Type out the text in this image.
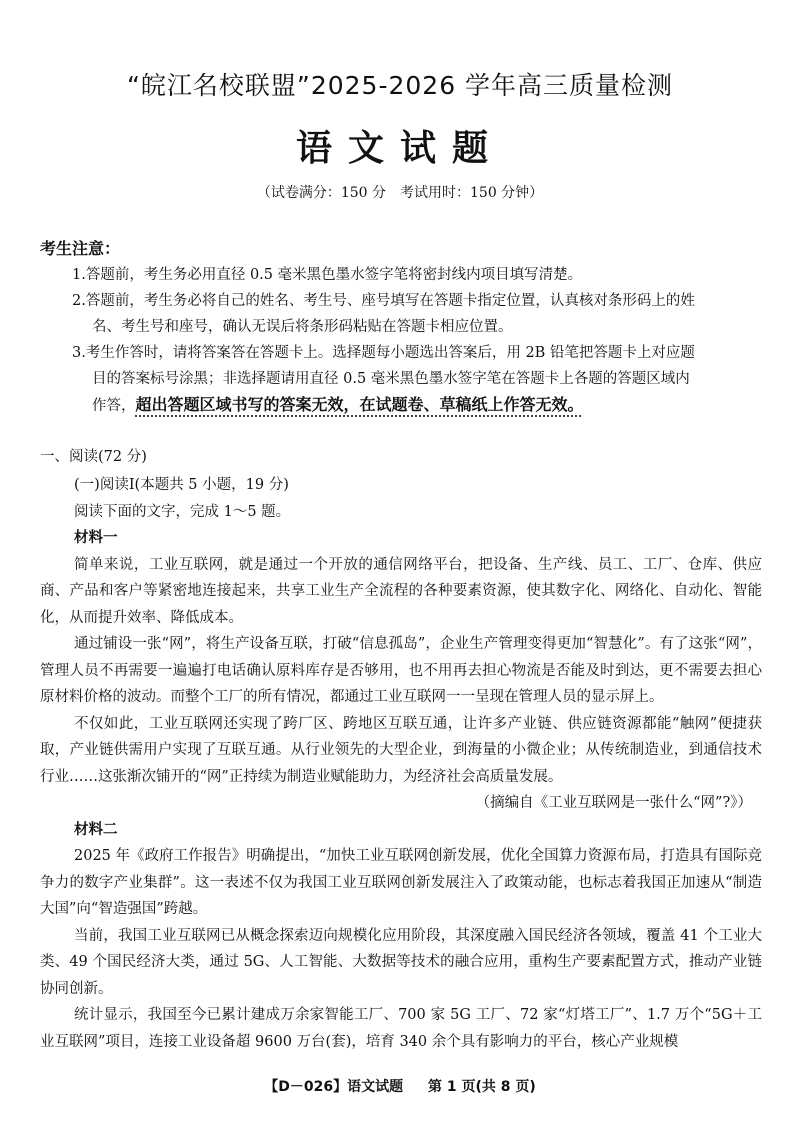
“皖江名校联盟”2025-2026 学年高三质量检测
语文试题
（试卷满分：150 分　考试用时：150 分钟）
考生注意：
1.答题前，考生务必用直径 0.5 毫米黑色墨水签字笔将密封线内项目填写清楚。
2.答题前，考生务必将自己的姓名、考生号、座号填写在答题卡指定位置，认真核对条形码上的姓
名、考生号和座号，确认无误后将条形码粘贴在答题卡相应位置。
3.考生作答时，请将答案答在答题卡上。选择题每小题选出答案后，用 2B 铅笔把答题卡上对应题
目的答案标号涂黑；非选择题请用直径 0.5 毫米黑色墨水签字笔在答题卡上各题的答题区域内
作答，超出答题区域书写的答案无效，在试题卷、草稿纸上作答无效。
一、阅读(72 分)
(一)阅读Ⅰ(本题共 5 小题，19 分)
阅读下面的文字，完成 1～5 题。
材料一

简单来说，工业互联网，就是通过一个开放的通信网络平台，把设备、生产线、员工、工厂、仓库、供应商、产品和客户等紧密地连接起来，共享工业生产全流程的各种要素资源，使其数字化、网络化、自动化、智能化，从而提升效率、降低成本。

通过铺设一张“网”，将生产设备互联，打破“信息孤岛”，企业生产管理变得更加“智慧化”。有了这张“网”，管理人员不再需要一遍遍打电话确认原料库存是否够用，也不用再去担心物流是否能及时到达，更不需要去担心原材料价格的波动。而整个工厂的所有情况，都通过工业互联网一一呈现在管理人员的显示屏上。

不仅如此，工业互联网还实现了跨厂区、跨地区互联互通，让许多产业链、供应链资源都能“触网”便捷获取，产业链供需用户实现了互联互通。从行业领先的大型企业，到海量的小微企业；从传统制造业，到通信技术行业……这张渐次铺开的“网”正持续为制造业赋能助力，为经济社会高质量发展。

（摘编自《工业互联网是一张什么“网”?》）
材料二

2025 年《政府工作报告》明确提出，“加快工业互联网创新发展，优化全国算力资源布局，打造具有国际竞争力的数字产业集群”。这一表述不仅为我国工业互联网创新发展注入了政策动能，也标志着我国正加速从“制造大国”向“智造强国”跨越。

当前，我国工业互联网已从概念探索迈向规模化应用阶段，其深度融入国民经济各领域，覆盖 41 个工业大类、49 个国民经济大类，通过 5G、人工智能、大数据等技术的融合应用，重构生产要素配置方式，推动产业链协同创新。

统计显示，我国至今已累计建成万余家智能工厂、700 家 5G 工厂、72 家“灯塔工厂”、1.7 万个“5G＋工业互联网”项目，连接工业设备超 9600 万台(套)，培育 340 余个具有影响力的平台，核心产业规模

【D－026】语文试题 第 1 页(共 8 页)
